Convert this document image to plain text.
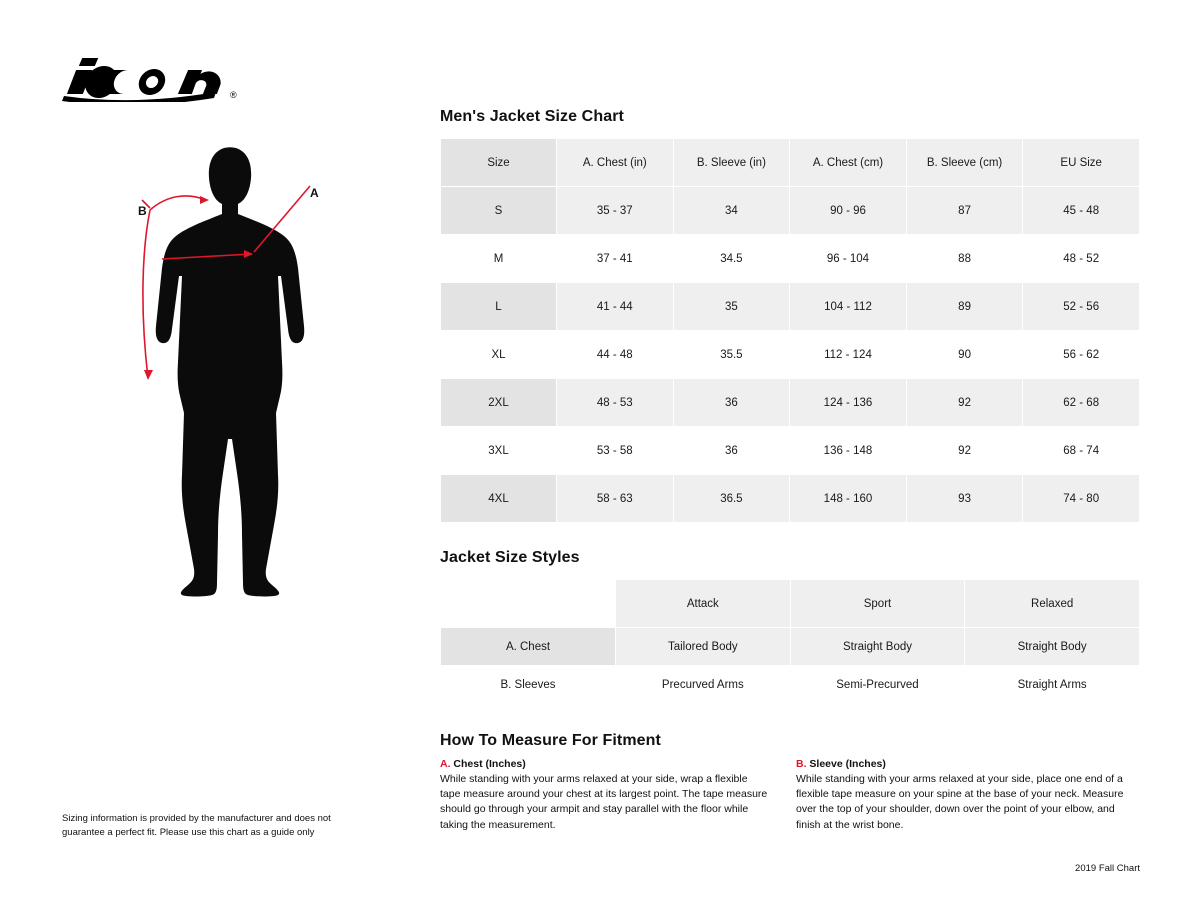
®
A
B
Sizing information is provided by the manufacturer and does not guarantee a perfect fit. Please use this chart as a guide only
Men's Jacket Size Chart
Size	A. Chest (in)	B. Sleeve (in)	A. Chest (cm)	B. Sleeve (cm)	EU Size
S	35 - 37	34	90 - 96	87	45 - 48
M	37 - 41	34.5	96 - 104	88	48 - 52
L	41 - 44	35	104 - 112	89	52 - 56
XL	44 - 48	35.5	112 - 124	90	56 - 62
2XL	48 - 53	36	124 - 136	92	62 - 68
3XL	53 - 58	36	136 - 148	92	68 - 74
4XL	58 - 63	36.5	148 - 160	93	74 - 80
Jacket Size Styles
	Attack	Sport	Relaxed
A. Chest	Tailored Body	Straight Body	Straight Body
B. Sleeves	Precurved Arms	Semi-Precurved	Straight Arms
How To Measure For Fitment
A. Chest (Inches)
While standing with your arms relaxed at your side, wrap a flexible tape measure around your chest at its largest point. The tape measure should go through your armpit and stay parallel with the floor while taking the measurement.
B. Sleeve (Inches)
While standing with your arms relaxed at your side, place one end of a flexible tape measure on your spine at the base of your neck. Measure over the top of your shoulder, down over the point of your elbow, and finish at the wrist bone.
2019 Fall Chart
